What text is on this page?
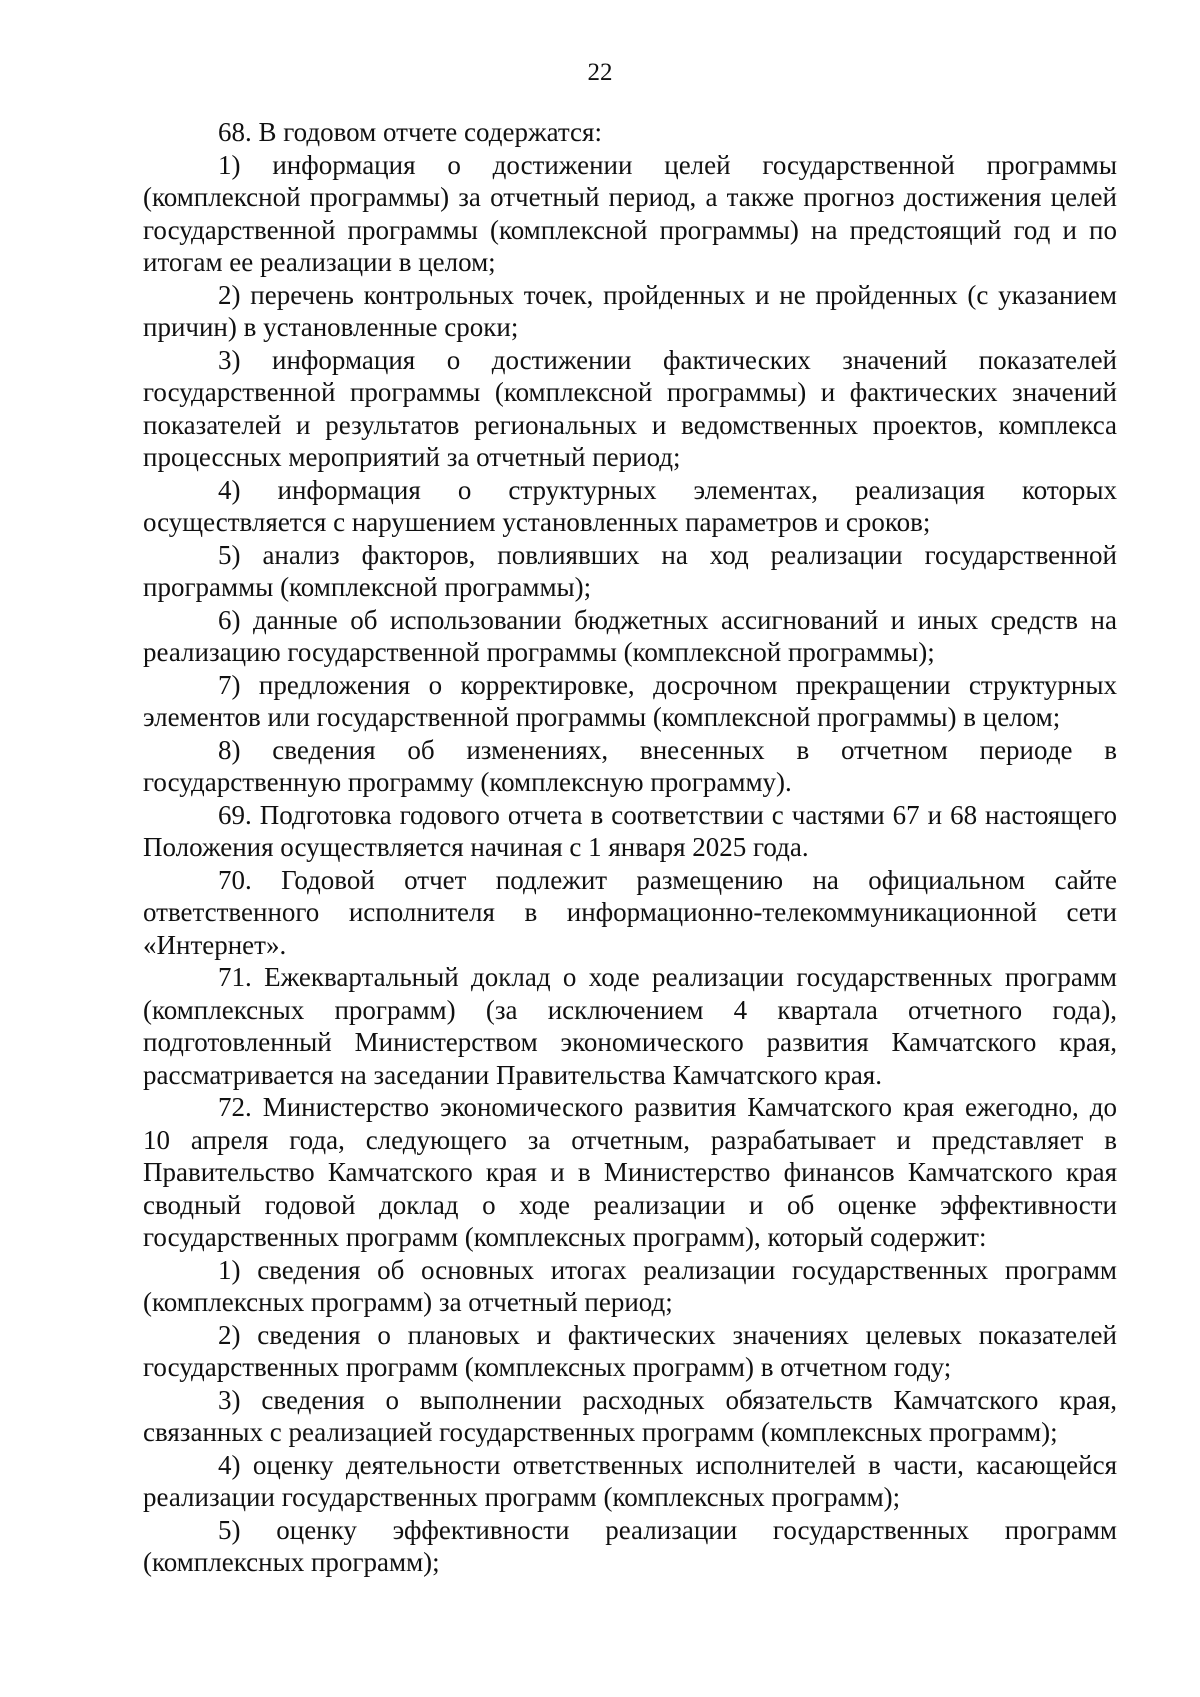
22

68. В годовом отчете содержатся:

1) информация о достижении целей государственной программы (комплексной программы) за отчетный период, а также прогноз достижения целей государственной программы (комплексной программы) на предстоящий год и по итогам ее реализации в целом;

2) перечень контрольных точек, пройденных и не пройденных (с указанием причин) в установленные сроки;

3) информация о достижении фактических значений показателей государственной программы (комплексной программы) и фактических значений показателей и результатов региональных и ведомственных проектов, комплекса процессных мероприятий за отчетный период;

4) информация о структурных элементах, реализация которых осуществляется с нарушением установленных параметров и сроков;

5) анализ факторов, повлиявших на ход реализации государственной программы (комплексной программы);

6) данные об использовании бюджетных ассигнований и иных средств на реализацию государственной программы (комплексной программы);

7) предложения о корректировке, досрочном прекращении структурных элементов или государственной программы (комплексной программы) в целом;

8) сведения об изменениях, внесенных в отчетном периоде в государственную программу (комплексную программу).

69. Подготовка годового отчета в соответствии с частями 67 и 68 настоящего Положения осуществляется начиная с 1 января 2025 года.

70. Годовой отчет подлежит размещению на официальном сайте ответственного исполнителя в информационно-телекоммуникационной сети «Интернет».

71. Ежеквартальный доклад о ходе реализации государственных программ (комплексных программ) (за исключением 4 квартала отчетного года), подготовленный Министерством экономического развития Камчатского края, рассматривается на заседании Правительства Камчатского края.

72. Министерство экономического развития Камчатского края ежегодно, до 10 апреля года, следующего за отчетным, разрабатывает и представляет в Правительство Камчатского края и в Министерство финансов Камчатского края сводный годовой доклад о ходе реализации и об оценке эффективности государственных программ (комплексных программ), который содержит:

1) сведения об основных итогах реализации государственных программ (комплексных программ) за отчетный период;

2) сведения о плановых и фактических значениях целевых показателей государственных программ (комплексных программ) в отчетном году;

3) сведения о выполнении расходных обязательств Камчатского края, связанных с реализацией государственных программ (комплексных программ);

4) оценку деятельности ответственных исполнителей в части, касающейся реализации государственных программ (комплексных программ);

5) оценку эффективности реализации государственных программ (комплексных программ);
